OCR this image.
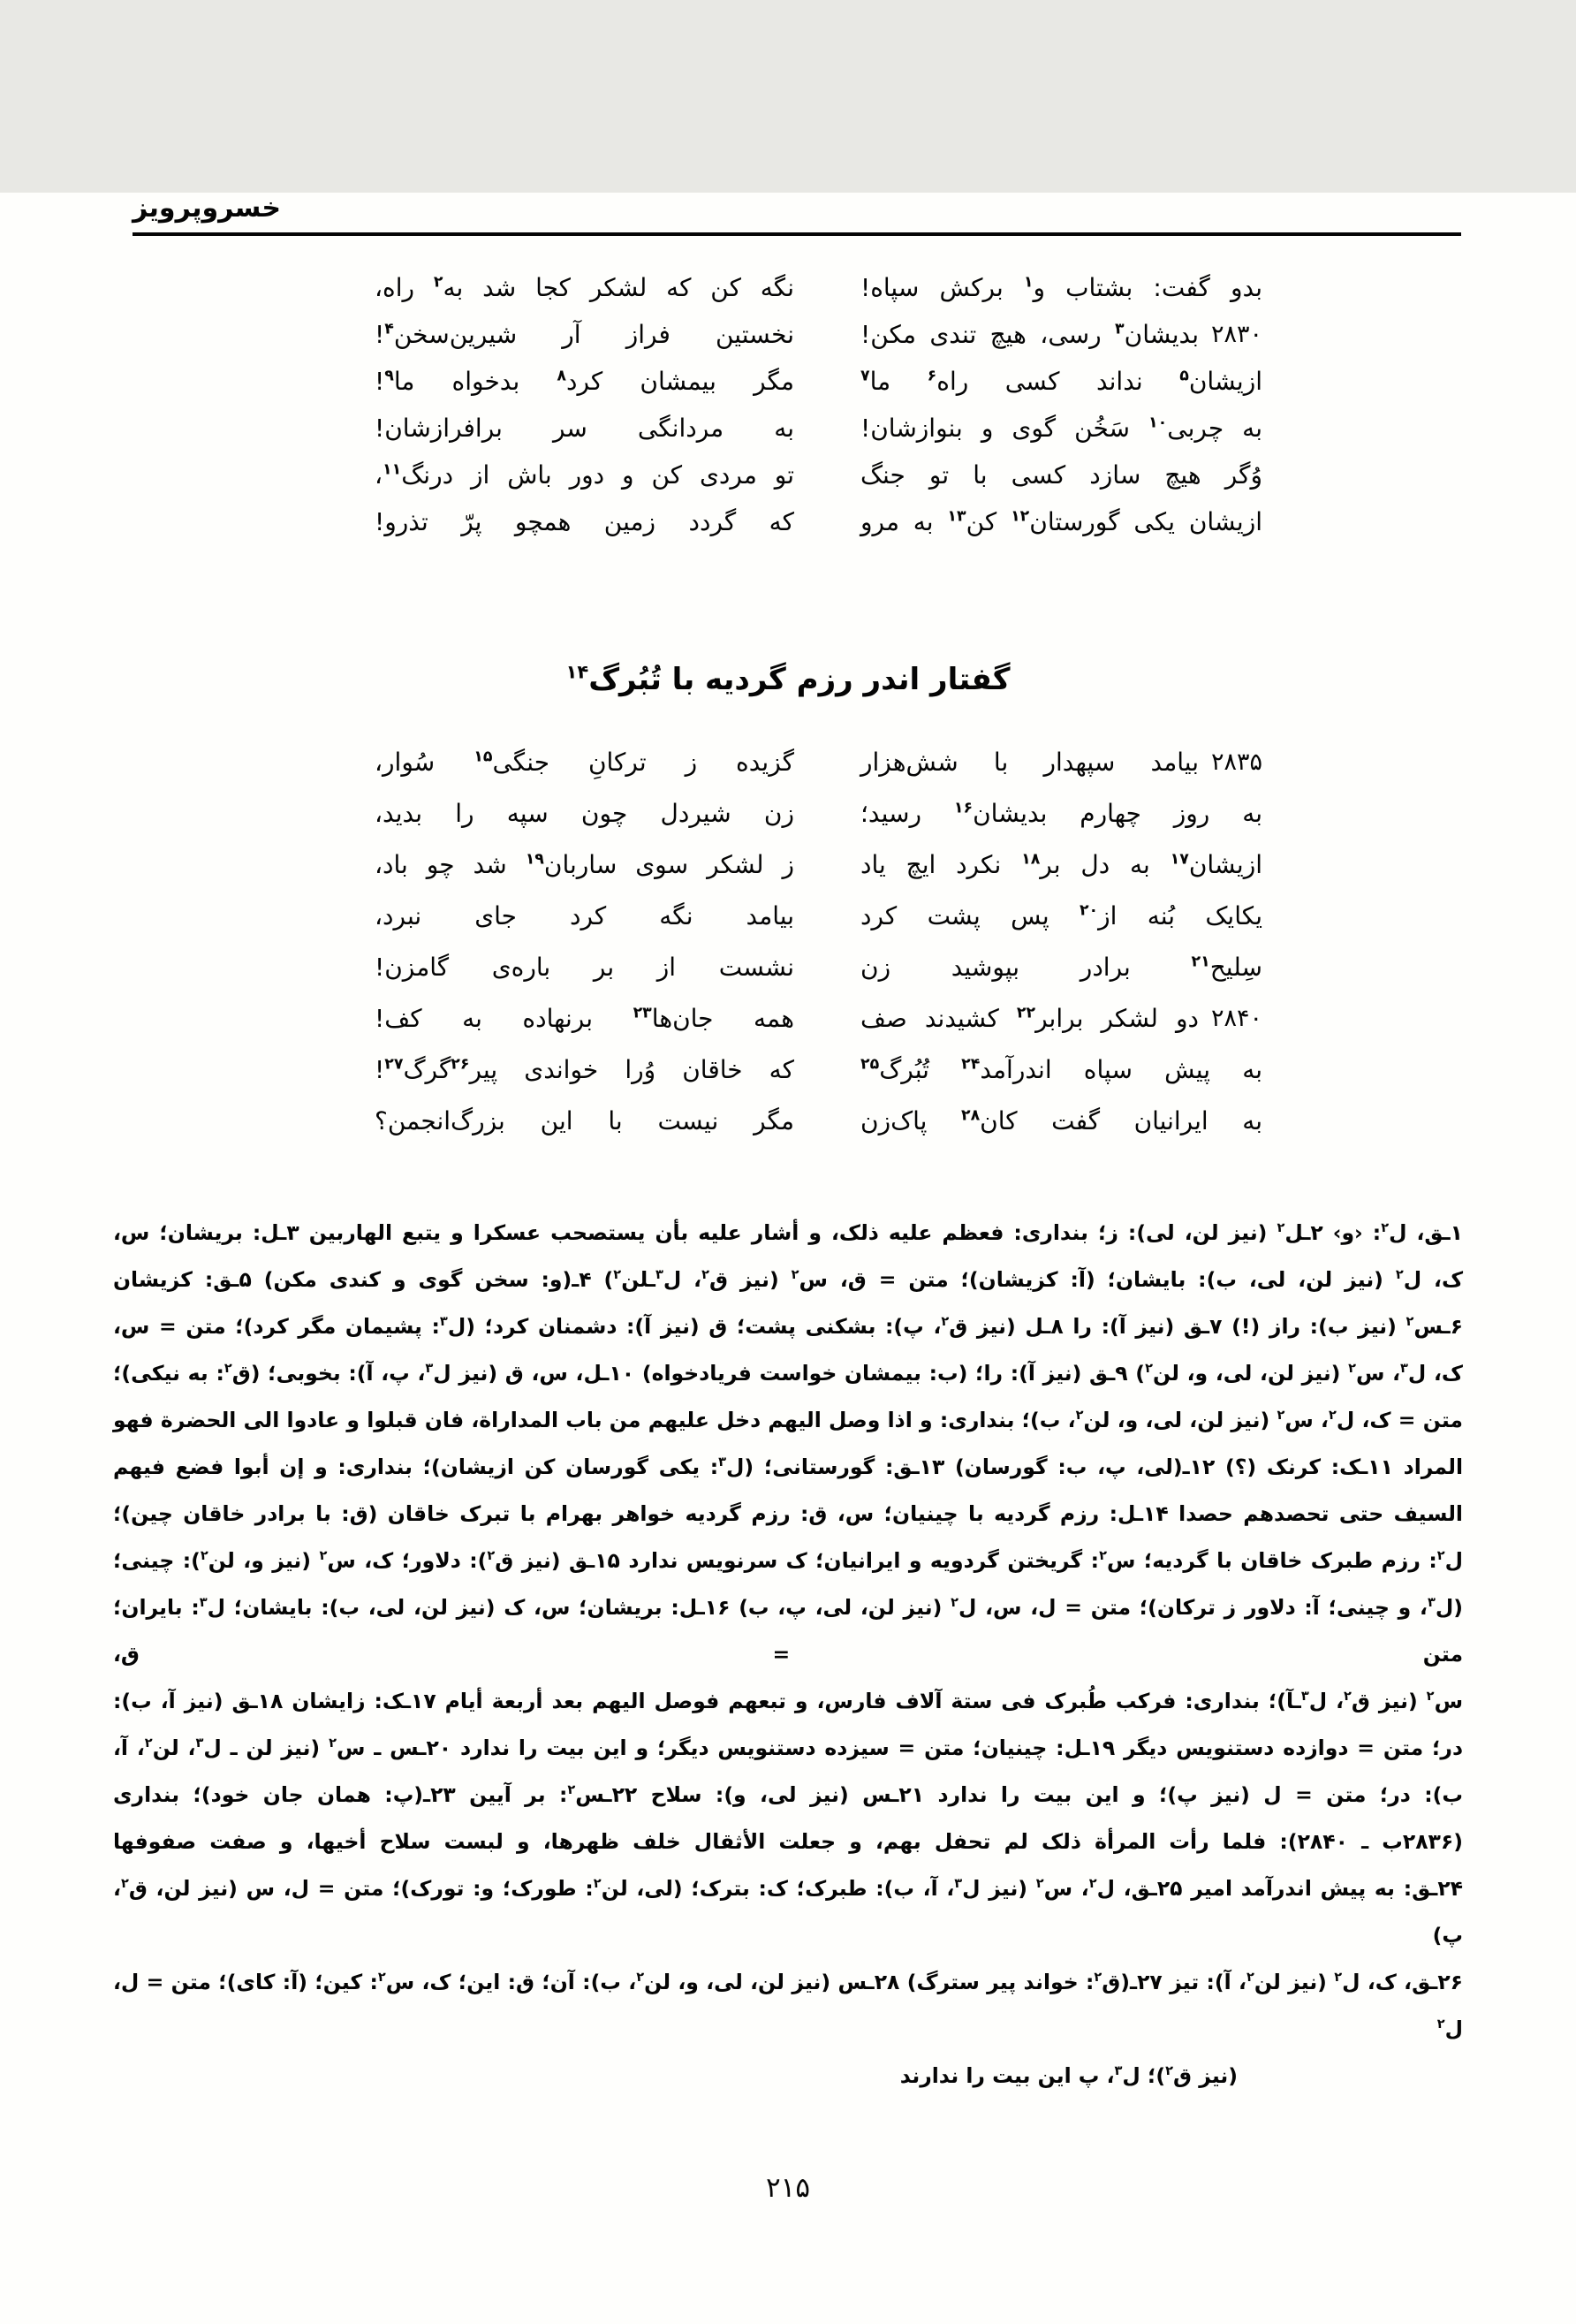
خسروپرویز
بدو گفت: بشتاب و$^۱$ برکش سپاه!
نگه کن که لشکر کجا شد به$^۲$ راه،
۲۸۳۰
بدیشان$^۳$ رسی، هیچ تندی مکن!
نخستین فراز آر شیرین‌سخن$^۴$!
ازیشان$^۵$ نداند کسی راه$^۶$ ما$^۷$
مگر بیمشان کرد$^۸$ بدخواه ما$^۹$!
به چربی$^{۱۰}$ سَخُن گوی و بنوازشان!
به مردانگی سر برافرازشان!
وُگر هیچ سازد کسی با تو جنگ
تو مردی کن و دور باش از درنگ$^{۱۱}$،
ازیشان یکی گورستان$^{۱۲}$ کن$^{۱۳}$ به مرو
که گردد زمین همچو پرّ تذرو!
گفتار اندر رزم گردیه با تُبُرگ$^{۱۴}$
۲۸۳۵
بیامد سپهدار با شش‌هزار
گزیده ز ترکانِ جنگی$^{۱۵}$ سُوار،
به روز چهارم بدیشان$^{۱۶}$ رسید؛
زن شیردل چون سپه را بدید،
ازیشان$^{۱۷}$ به دل بر$^{۱۸}$ نکرد ایچ یاد
ز لشکر سوی ساربان$^{۱۹}$ شد چو باد،
یکایک بُنه از$^{۲۰}$ پس پشت کرد
بیامد نگه کرد جای نبرد،
سِلیح$^{۲۱}$ برادر بپوشید زن
نشست از بر باره‌ی گامزن!
۲۸۴۰
دو لشکر برابر$^{۲۲}$ کشیدند صف
همه جان‌ها$^{۲۳}$ برنهاده به کف!
به پیش سپاه اندرآمد$^{۲۴}$ تُبُرگ$^{۲۵}$
که خاقان وُرا خواندی پیر$^{۲۶}$گرگ$^{۲۷}$!
به ایرانیان گفت کان$^{۲۸}$ پاک‌زن
مگر نیست با این بزرگ‌انجمن؟
۱ـق، ل$^۲$: ‹و› ۲ـل$^۲$ (نیز لن، لی): ز؛ بنداری: فعظم علیه ذلک، و أشار علیه بأن یستصحب عسکرا و یتبع الهاربین ۳ـل: بریشان؛ س،
ک، ل$^۲$ (نیز لن، لی، ب): بایشان؛ (آ: کزیشان)؛ متن = ق، س$^۲$ (نیز ق$^۲$، ل$^۳$ـلن$^۲$) ۴ـ(و: سخن گوی و کندی مکن) ۵ـق: کزیشان
۶ـس$^۲$ (نیز ب): راز (!) ۷ـق (نیز آ): را ۸ـل (نیز ق$^۲$، پ): بشکنی پشت؛ ق (نیز آ): دشمنان کرد؛ (ل$^۳$: پشیمان مگر کرد)؛ متن = س،
ک، ل$^۳$، س$^۲$ (نیز لن، لی، و، لن$^۲$) ۹ـق (نیز آ): را؛ (ب: بیمشان خواست فریادخواه) ۱۰ـل، س، ق (نیز ل$^۳$، پ، آ): بخوبی؛ (ق$^۲$: به نیکی)؛
متن = ک، ل$^۲$، س$^۲$ (نیز لن، لی، و، لن$^۲$، ب)؛ بنداری: و اذا وصل الیهم دخل علیهم من باب المداراة، فان قبلوا و عادوا الی الحضرة فهو
المراد ۱۱ـک: کرنک (؟) ۱۲ـ(لی، پ، ب: گورسان) ۱۳ـق: گورستانی؛ (ل$^۳$: یکی گورسان کن ازیشان)؛ بنداری: و إن أبوا فضع فیهم
السیف حتی تحصدهم حصدا ۱۴ـل: رزم گردیه با چینیان؛ س، ق: رزم گردیه خواهر بهرام با تبرک خاقان (ق: با برادر خاقان چین)؛
ل$^۲$: رزم طبرک خاقان با گردیه؛ س$^۲$: گریختن گردویه و ایرانیان؛ ک سرنویس ندارد ۱۵ـق (نیز ق$^۲$): دلاور؛ ک، س$^۲$ (نیز و، لن$^۲$): چینی؛
(ل$^۳$، و چینی؛ آ: دلاور ز ترکان)؛ متن = ل، س، ل$^۲$ (نیز لن، لی، پ، ب) ۱۶ـل: بریشان؛ س، ک (نیز لن، لی، ب): بایشان؛ ل$^۳$: بایران؛ متن = ق،
س$^۲$ (نیز ق$^۲$، ل$^۳$ـآ)؛ بنداری: فرکب طُبرک فی ستة آلاف فارس، و تبعهم فوصل الیهم بعد أربعة أیام ۱۷ـک: زایشان ۱۸ـق (نیز آ، ب):
در؛ متن = دوازده دستنویس دیگر ۱۹ـل: چینیان؛ متن = سیزده دستنویس دیگر؛ و این بیت را ندارد ۲۰ـس ـ س$^۲$ (نیز لن ـ ل$^۳$، لن$^۲$، آ،
ب): در؛ متن = ل (نیز پ)؛ و این بیت را ندارد ۲۱ـس (نیز لی، و): سلاح ۲۲ـس$^۲$: بر آیین ۲۳ـ(پ: همان جان خود)؛ بنداری
(۲۸۳۶ب ـ ۲۸۴۰): فلما رأت المرأة ذلک لم تحفل بهم، و جعلت الأثقال خلف ظهرها، و لبست سلاح أخیها، و صفت صفوفها
۲۴ـق: به پیش اندرآمد امیر ۲۵ـق، ل$^۲$، س$^۲$ (نیز ل$^۳$، آ، ب): طبرک؛ ک: بترک؛ (لی، لن$^۲$: طورک؛ و: تورک)؛ متن = ل، س (نیز لن، ق$^۲$، پ)
۲۶ـق، ک، ل$^۲$ (نیز لن$^۲$، آ): تیز ۲۷ـ(ق$^۲$: خواند پیر سترگ) ۲۸ـس (نیز لن، لی، و، لن$^۲$، ب): آن؛ ق: این؛ ک، س$^۲$: کین؛ (آ: کای)؛ متن = ل، ل$^۲$
(نیز ق$^۲$)؛ ل$^۳$، پ این بیت را ندارند
۲۱۵
